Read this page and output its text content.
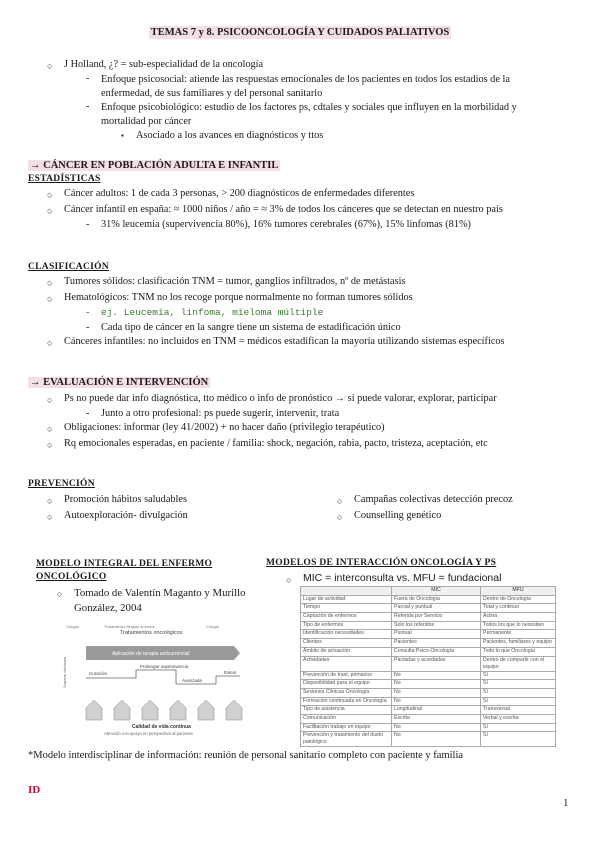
TEMAS 7 y 8. PSICOONCOLOGÍA Y CUIDADOS PALIATIVOS
○ J Holland, ¿? = sub-especialidad de la oncología
- Enfoque psicosocial: atiende las respuestas emocionales de los pacientes en todos los estadios de la enfermedad, de sus familiares y del personal sanitario
- Enfoque psicobiológico: estudio de los factores ps, cdtales y sociales que influyen en la morbilidad y mortalidad por cáncer
▪ Asociado a los avances en diagnósticos y ttos
→ CÁNCER EN POBLACIÓN ADULTA E INFANTIL
ESTADÍSTICAS
○ Cáncer adultos: 1 de cada 3 personas, > 200 diagnósticos de enfermedades diferentes
○ Cáncer infantil en españa: ≈ 1000 niños / año = ≈ 3% de todos los cánceres que se detectan en nuestro país
- 31% leucemia (supervivencia 80%), 16% tumores cerebrales (67%), 15% linfomas (81%)
CLASIFICACIÓN
○ Tumores sólidos: clasificación TNM = tumor, ganglios infiltrados, nº de metástasis
○ Hematológicos: TNM no los recoge porque normalmente no forman tumores sólidos
- ej. Leucemia, linfoma, mieloma múltiple
- Cada tipo de cáncer en la sangre tiene un sistema de estadificación único
○ Cánceres infantiles: no incluidos en TNM = médicos estadifican la mayoría utilizando sistemas específicos
→ EVALUACIÓN E INTERVENCIÓN
○ Ps no puede dar info diagnóstica, tto médico o info de pronóstico → sí puede valorar, explorar, participar
- Junto a otro profesional: ps puede sugerir, intervenir, trata
○ Obligaciones: informar (ley 41/2002) + no hacer daño (privilegio terapéutico)
○ Rq emocionales esperadas, en paciente / familia: shock, negación, rabia, pacto, tristeza, aceptación, etc
PREVENCIÓN
○ Promoción hábitos saludables
○ Autoexploración- divulgación
○ Campañas colectivas detección precoz
○ Counselling genético
MODELO INTEGRAL DEL ENFERMO ONCOLÓGICO
○ Tomado de Valentín Maganto y Murillo González, 2004
Cirugía	Tratamiento dirigido al tumor	Cirugía
Tratamientos oncológicos
Aplicación de terapia anticurrencial
Curación
Prolongar supervivencia
Avanzada
Exitus
Soporte cuidados
Calidad de vida continua
Atención con apoyo en perspectiva al paciente
MODELOS DE INTERACCIÓN ONCOLOGÍA Y PS
○ MIC = interconsulta vs. MFU = fundacional
	MIC	MFU
Lugar de actividad	Fuera de Oncología	Dentro de Oncología
Tiempo	Parcial y puntual	Total y continuo
Captación de enfermos	Referida por Servicio	Activa
Tipo de enfermos	Solo los referidos	Todos los que lo necesiten
Identificación necesidades	Puntual	Permanente
Clientes	Pacientes	Pacientes, familiares y equipo
Ámbito de actuación	Consulta Psico-Oncología	Todo lo que Oncología
Actividades	Pactadas y acordadas	Dentro de compartir con el equipo
Prevención de trast. primarios	No	Sí
Disponibilidad para el equipo	No	Sí
Sesiones Clínicas Oncología	No	Sí
Formación continuada en Oncología	No	Sí
Tipo de asistencia	Longitudinal	Transversal
Comunicación	Escrita	Verbal y escrita
Facilitación trabajo en equipo	No	Sí
Prevención y tratamiento del duelo patológico	No	Sí
*Modelo interdisciplinar de información: reunión de personal sanitario completo con paciente y familia
ID
1
